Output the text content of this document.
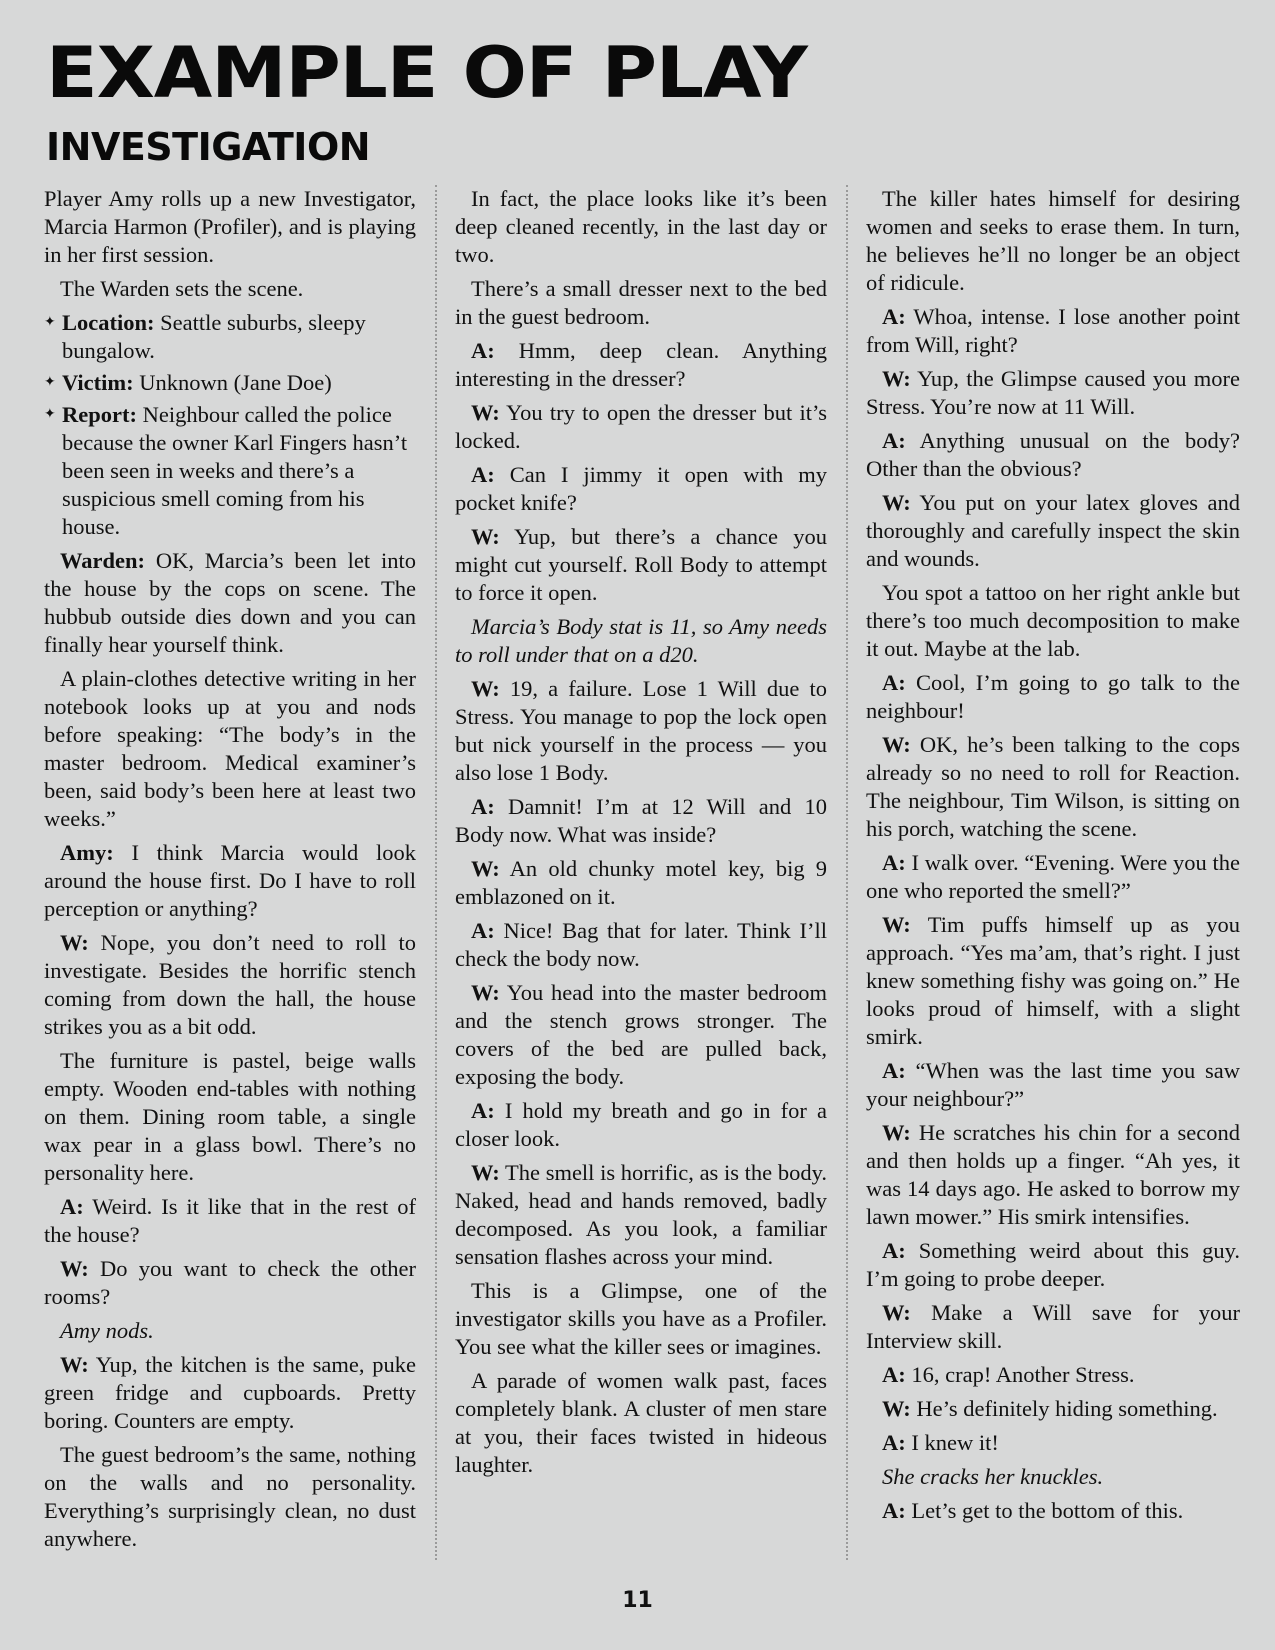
EXAMPLE OF PLAY
INVESTIGATION

Player Amy rolls up a new Investigator, Marcia Harmon (Profiler), and is playing in her first session.

The Warden sets the scene.

✦ Location: Seattle suburbs, sleepy bungalow.
✦ Victim: Unknown (Jane Doe)
✦ Report: Neighbour called the police because the owner Karl Fingers hasn’t been seen in weeks and there’s a suspicious smell coming from his house.

Warden: OK, Marcia’s been let into the house by the cops on scene. The hubbub outside dies down and you can finally hear yourself think.

A plain-clothes detective writing in her notebook looks up at you and nods before speaking: “The body’s in the master bedroom. Medical examiner’s been, said body’s been here at least two weeks.”

Amy: I think Marcia would look around the house first. Do I have to roll perception or anything?

W: Nope, you don’t need to roll to investigate. Besides the horrific stench coming from down the hall, the house strikes you as a bit odd.

The furniture is pastel, beige walls empty. Wooden end-tables with nothing on them. Dining room table, a single wax pear in a glass bowl. There’s no personality here.

A: Weird. Is it like that in the rest of the house?

W: Do you want to check the other rooms?

Amy nods.

W: Yup, the kitchen is the same, puke green fridge and cupboards. Pretty boring. Counters are empty.

The guest bedroom’s the same, nothing on the walls and no personality. Everything’s surprisingly clean, no dust anywhere.

In fact, the place looks like it’s been deep cleaned recently, in the last day or two.

There’s a small dresser next to the bed in the guest bedroom.

A: Hmm, deep clean. Anything interesting in the dresser?

W: You try to open the dresser but it’s locked.

A: Can I jimmy it open with my pocket knife?

W: Yup, but there’s a chance you might cut yourself. Roll Body to attempt to force it open.

Marcia’s Body stat is 11, so Amy needs to roll under that on a d20.

W: 19, a failure. Lose 1 Will due to Stress. You manage to pop the lock open but nick yourself in the process — you also lose 1 Body.

A: Damnit! I’m at 12 Will and 10 Body now. What was inside?

W: An old chunky motel key, big 9 emblazoned on it.

A: Nice! Bag that for later. Think I’ll check the body now.

W: You head into the master bedroom and the stench grows stronger. The covers of the bed are pulled back, exposing the body.

A: I hold my breath and go in for a closer look.

W: The smell is horrific, as is the body. Naked, head and hands removed, badly decomposed. As you look, a familiar sensation flashes across your mind.

This is a Glimpse, one of the investigator skills you have as a Profiler. You see what the killer sees or imagines.

A parade of women walk past, faces completely blank. A cluster of men stare at you, their faces twisted in hideous laughter.

The killer hates himself for desiring women and seeks to erase them. In turn, he believes he’ll no longer be an object of ridicule.

A: Whoa, intense. I lose another point from Will, right?

W: Yup, the Glimpse caused you more Stress. You’re now at 11 Will.

A: Anything unusual on the body? Other than the obvious?

W: You put on your latex gloves and thoroughly and carefully inspect the skin and wounds.

You spot a tattoo on her right ankle but there’s too much decomposition to make it out. Maybe at the lab.

A: Cool, I’m going to go talk to the neighbour!

W: OK, he’s been talking to the cops already so no need to roll for Reaction. The neighbour, Tim Wilson, is sitting on his porch, watching the scene.

A: I walk over. “Evening. Were you the one who reported the smell?”

W: Tim puffs himself up as you approach. “Yes ma’am, that’s right. I just knew something fishy was going on.” He looks proud of himself, with a slight smirk.

A: “When was the last time you saw your neighbour?”

W: He scratches his chin for a second and then holds up a finger. “Ah yes, it was 14 days ago. He asked to borrow my lawn mower.” His smirk intensifies.

A: Something weird about this guy. I’m going to probe deeper.

W: Make a Will save for your Interview skill.

A: 16, crap! Another Stress.

W: He’s definitely hiding something.

A: I knew it!

She cracks her knuckles.

A: Let’s get to the bottom of this.

11
